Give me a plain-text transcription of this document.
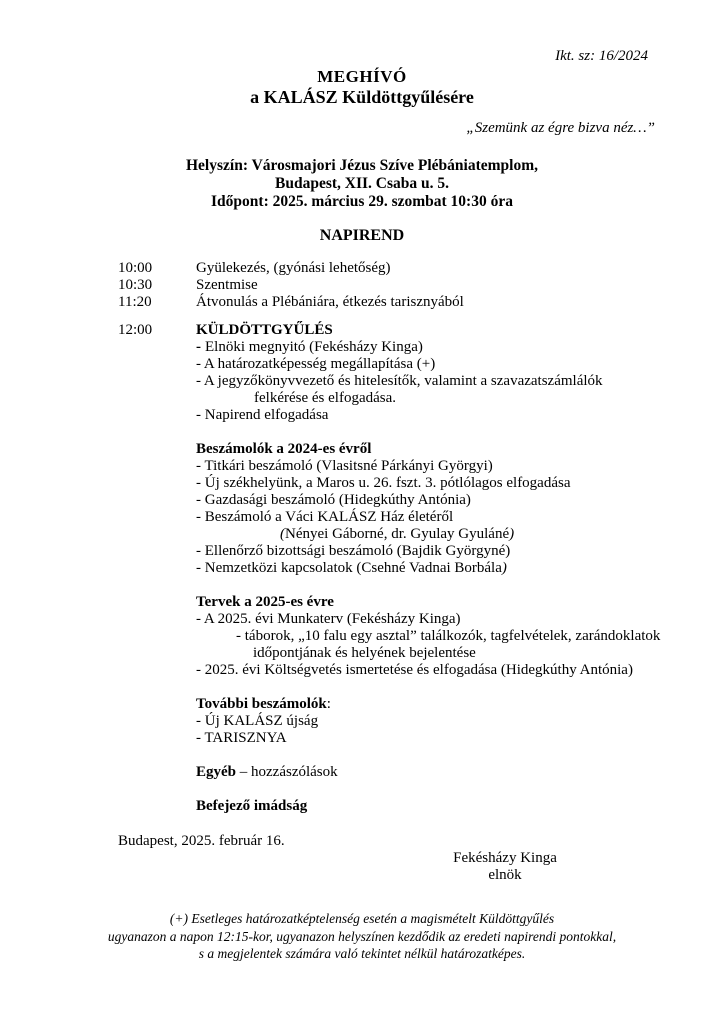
Ikt. sz: 16/2024
MEGHÍVÓ
a KALÁSZ Küldöttgyűlésére
„Szemünk az égre bizva néz…”
Helyszín: Városmajori Jézus Szíve Plébániatemplom,
Budapest, XII. Csaba u. 5.
Időpont: 2025. március 29. szombat 10:30 óra
NAPIREND
10:00	Gyülekezés, (gyónási lehetőség)
10:30	Szentmise
11:20	Átvonulás a Plébániára, étkezés tarisznyából
12:00	KÜLDÖTTGYŰLÉS
- Elnöki megnyitó (Fekésházy Kinga)
- A határozatképesség megállapítása (+)
- A jegyzőkönyvvezető és hitelesítők, valamint a szavazatszámlálók
felkérése és elfogadása.
- Napirend elfogadása
Beszámolók a 2024-es évről
- Titkári beszámoló (Vlasitsné Párkányi Györgyi)
- Új székhelyünk, a Maros u. 26. fszt. 3. pótlólagos elfogadása
- Gazdasági beszámoló (Hidegkúthy Antónia)
- Beszámoló a Váci KALÁSZ Ház életéről
(Nényei Gáborné, dr. Gyulay Gyuláné)
- Ellenőrző bizottsági beszámoló (Bajdik Györgyné)
- Nemzetközi kapcsolatok (Csehné Vadnai Borbála)
Tervek a 2025-es évre
- A 2025. évi Munkaterv (Fekésházy Kinga)
- táborok, „10 falu egy asztal” találkozók, tagfelvételek, zarándoklatok
időpontjának és helyének bejelentése
- 2025. évi Költségvetés ismertetése és elfogadása (Hidegkúthy Antónia)
További beszámolók:
- Új KALÁSZ újság
- TARISZNYA
Egyéb – hozzászólások
Befejező imádság
Budapest, 2025. február 16.
Fekésházy Kinga
elnök
(+) Esetleges határozatképtelenség esetén a magismételt Küldöttgyűlés
ugyanazon a napon 12:15-kor, ugyanazon helyszínen kezdődik az eredeti napirendi pontokkal,
s a megjelentek számára való tekintet nélkül határozatképes.
